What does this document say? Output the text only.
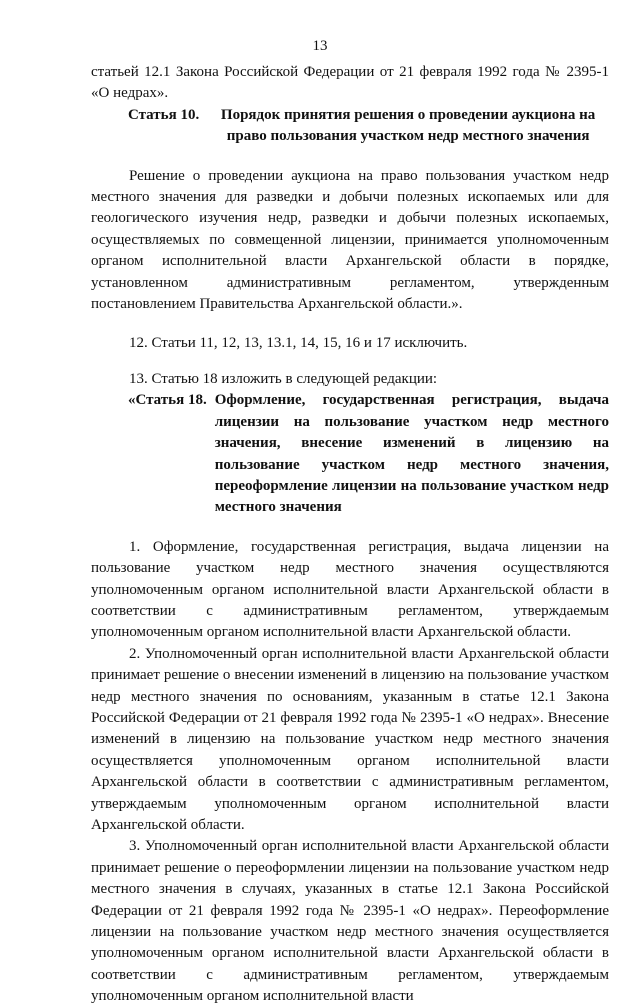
13

статьей 12.1 Закона Российской Федерации от 21 февраля 1992 года № 2395-1 «О недрах».

Статья 10.	Порядок принятия решения о проведении аукциона на право пользования участком недр местного значения

Решение о проведении аукциона на право пользования участком недр местного значения для разведки и добычи полезных ископаемых или для геологического изучения недр, разведки и добычи полезных ископаемых, осуществляемых по совмещенной лицензии, принимается уполномоченным органом исполнительной власти Архангельской области в порядке, установленном административным регламентом, утвержденным постановлением Правительства Архангельской области.».

12. Статьи 11, 12, 13, 13.1, 14, 15, 16 и 17 исключить.

13. Статью 18 изложить в следующей редакции:

«Статья 18. Оформление, государственная регистрация, выдача лицензии на пользование участком недр местного значения, внесение изменений в лицензию на пользование участком недр местного значения, переоформление лицензии на пользование участком недр местного значения

1. Оформление, государственная регистрация, выдача лицензии на пользование участком недр местного значения осуществляются уполномоченным органом исполнительной власти Архангельской области в соответствии с административным регламентом, утверждаемым уполномоченным органом исполнительной власти Архангельской области.

2. Уполномоченный орган исполнительной власти Архангельской области принимает решение о внесении изменений в лицензию на пользование участком недр местного значения по основаниям, указанным в статье 12.1 Закона Российской Федерации от 21 февраля 1992 года № 2395-1 «О недрах». Внесение изменений в лицензию на пользование участком недр местного значения осуществляется уполномоченным органом исполнительной власти Архангельской области в соответствии с административным регламентом, утверждаемым уполномоченным органом исполнительной власти Архангельской области.

3. Уполномоченный орган исполнительной власти Архангельской области принимает решение о переоформлении лицензии на пользование участком недр местного значения в случаях, указанных в статье 12.1 Закона Российской Федерации от 21 февраля 1992 года № 2395-1 «О недрах». Переоформление лицензии на пользование участком недр местного значения осуществляется уполномоченным органом исполнительной власти Архангельской области в соответствии с административным регламентом, утверждаемым уполномоченным органом исполнительной власти
